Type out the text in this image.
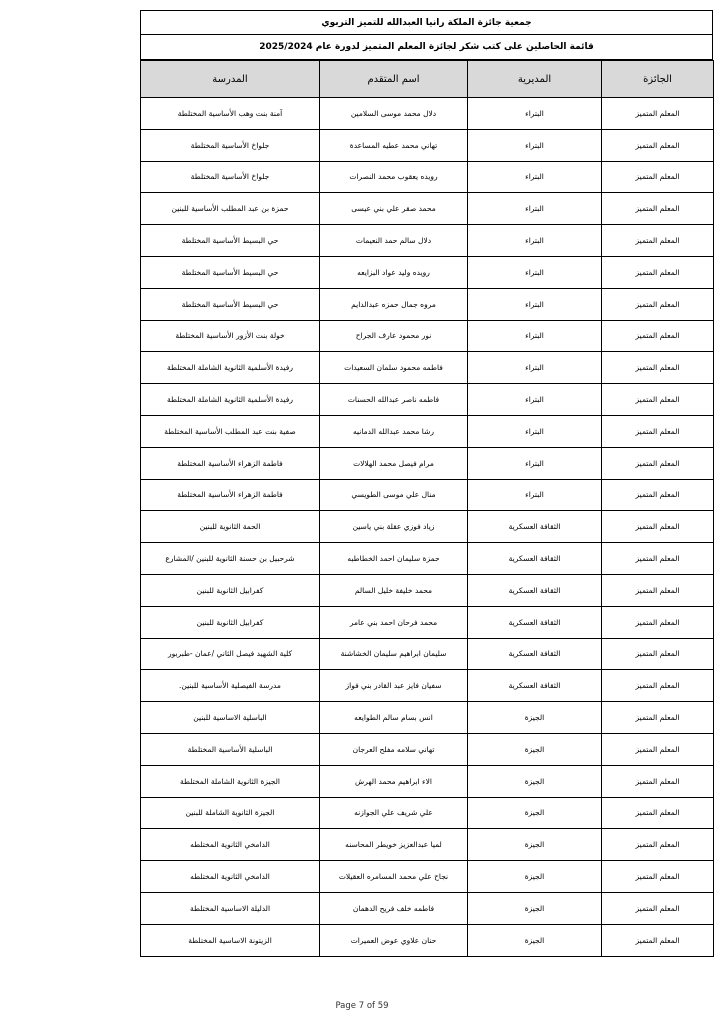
جمعية جائزة الملكة رانيا العبدالله للتميز التربوي
قائمة الحاصلين على كتب شكر لجائزة المعلم المتميز لدورة عام 2025/2024
الجائزة	المديرية	اسم المتقدم	المدرسة
المعلم المتميز	البتراء	دلال محمد موسى السلامين	آمنة بنت وهب الأساسية المختلطة
المعلم المتميز	البتراء	تهاني محمد عطيه المساعدة	جلواخ الأساسية المختلطة
المعلم المتميز	البتراء	رويده يعقوب محمد النصرات	جلواخ الأساسية المختلطة
المعلم المتميز	البتراء	محمد صقر علي بني عيسى	حمزة بن عبد المطلب الأساسية للبنين
المعلم المتميز	البتراء	دلال سالم حمد النعيمات	حي البسيط الأساسية المختلطة
المعلم المتميز	البتراء	رويده وليد عواد البزايعه	حي البسيط الأساسية المختلطة
المعلم المتميز	البتراء	مروه جمال حمزه عبدالدايم	حي البسيط الأساسية المختلطة
المعلم المتميز	البتراء	نور محمود عارف الجراح	خولة بنت الأزور الأساسية المختلطة
المعلم المتميز	البتراء	فاطمه محمود سلمان السعيدات	رفيدة الأسلمية الثانوية الشاملة المختلطة
المعلم المتميز	البتراء	فاطمه ناصر عبدالله الحسنات	رفيدة الأسلمية الثانوية الشاملة المختلطة
المعلم المتميز	البتراء	رشا محمد عبدالله الدمانيه	صفية بنت عبد المطلب الأساسية المختلطة
المعلم المتميز	البتراء	مرام فيصل محمد الهلالات	فاطمة الزهراء الأساسية المختلطة
المعلم المتميز	البتراء	منال علي موسى الطويسي	فاطمة الزهراء الأساسية المختلطة
المعلم المتميز	الثقافة العسكرية	زياد فوزي عقلة بني ياسين	الحمة الثانوية للبنين
المعلم المتميز	الثقافة العسكرية	حمزة سليمان احمد الخطاطبه	شرحبيل بن حسنة الثانوية للبنين /المشارع
المعلم المتميز	الثقافة العسكرية	محمد خليفة خليل السالم	كفرابيل الثانوية للبنين
المعلم المتميز	الثقافة العسكرية	محمد فرحان احمد بني عامر	كفرابيل الثانوية للبنين
المعلم المتميز	الثقافة العسكرية	سليمان ابراهيم سليمان الخشاشنة	كلية الشهيد فيصل الثاني /عمان -طبربور
المعلم المتميز	الثقافة العسكرية	سفيان فايز عبد القادر بني فواز	مدرسة الفيصلية الأساسية للبنين.
المعلم المتميز	الجيزة	انس بسام سالم الطوايعه	الباسلية الاساسية للبنين
المعلم المتميز	الجيزة	تهاني سلامه مفلح العرجان	الباسلية الأساسية المختلطة
المعلم المتميز	الجيزة	الاء ابراهيم محمد الهرش	الجيزة الثانوية الشاملة المختلطة
المعلم المتميز	الجيزة	علي شريف علي الجوازنه	الجيزة الثانوية الشاملة للبنين
المعلم المتميز	الجيزة	لميا عبدالعزيز خويطر المحاسنه	الدامخي الثانوية المختلطه
المعلم المتميز	الجيزة	نجاح علي محمد المسامره العقيلات	الدامخي الثانوية المختلطه
المعلم المتميز	الجيزة	فاطمه خلف فريح الدهمان	الدليلة الاساسية المختلطة
المعلم المتميز	الجيزة	حنان علاوي عوض العميرات	الزيتونة الاساسية المختلطة
Page 7 of 59
